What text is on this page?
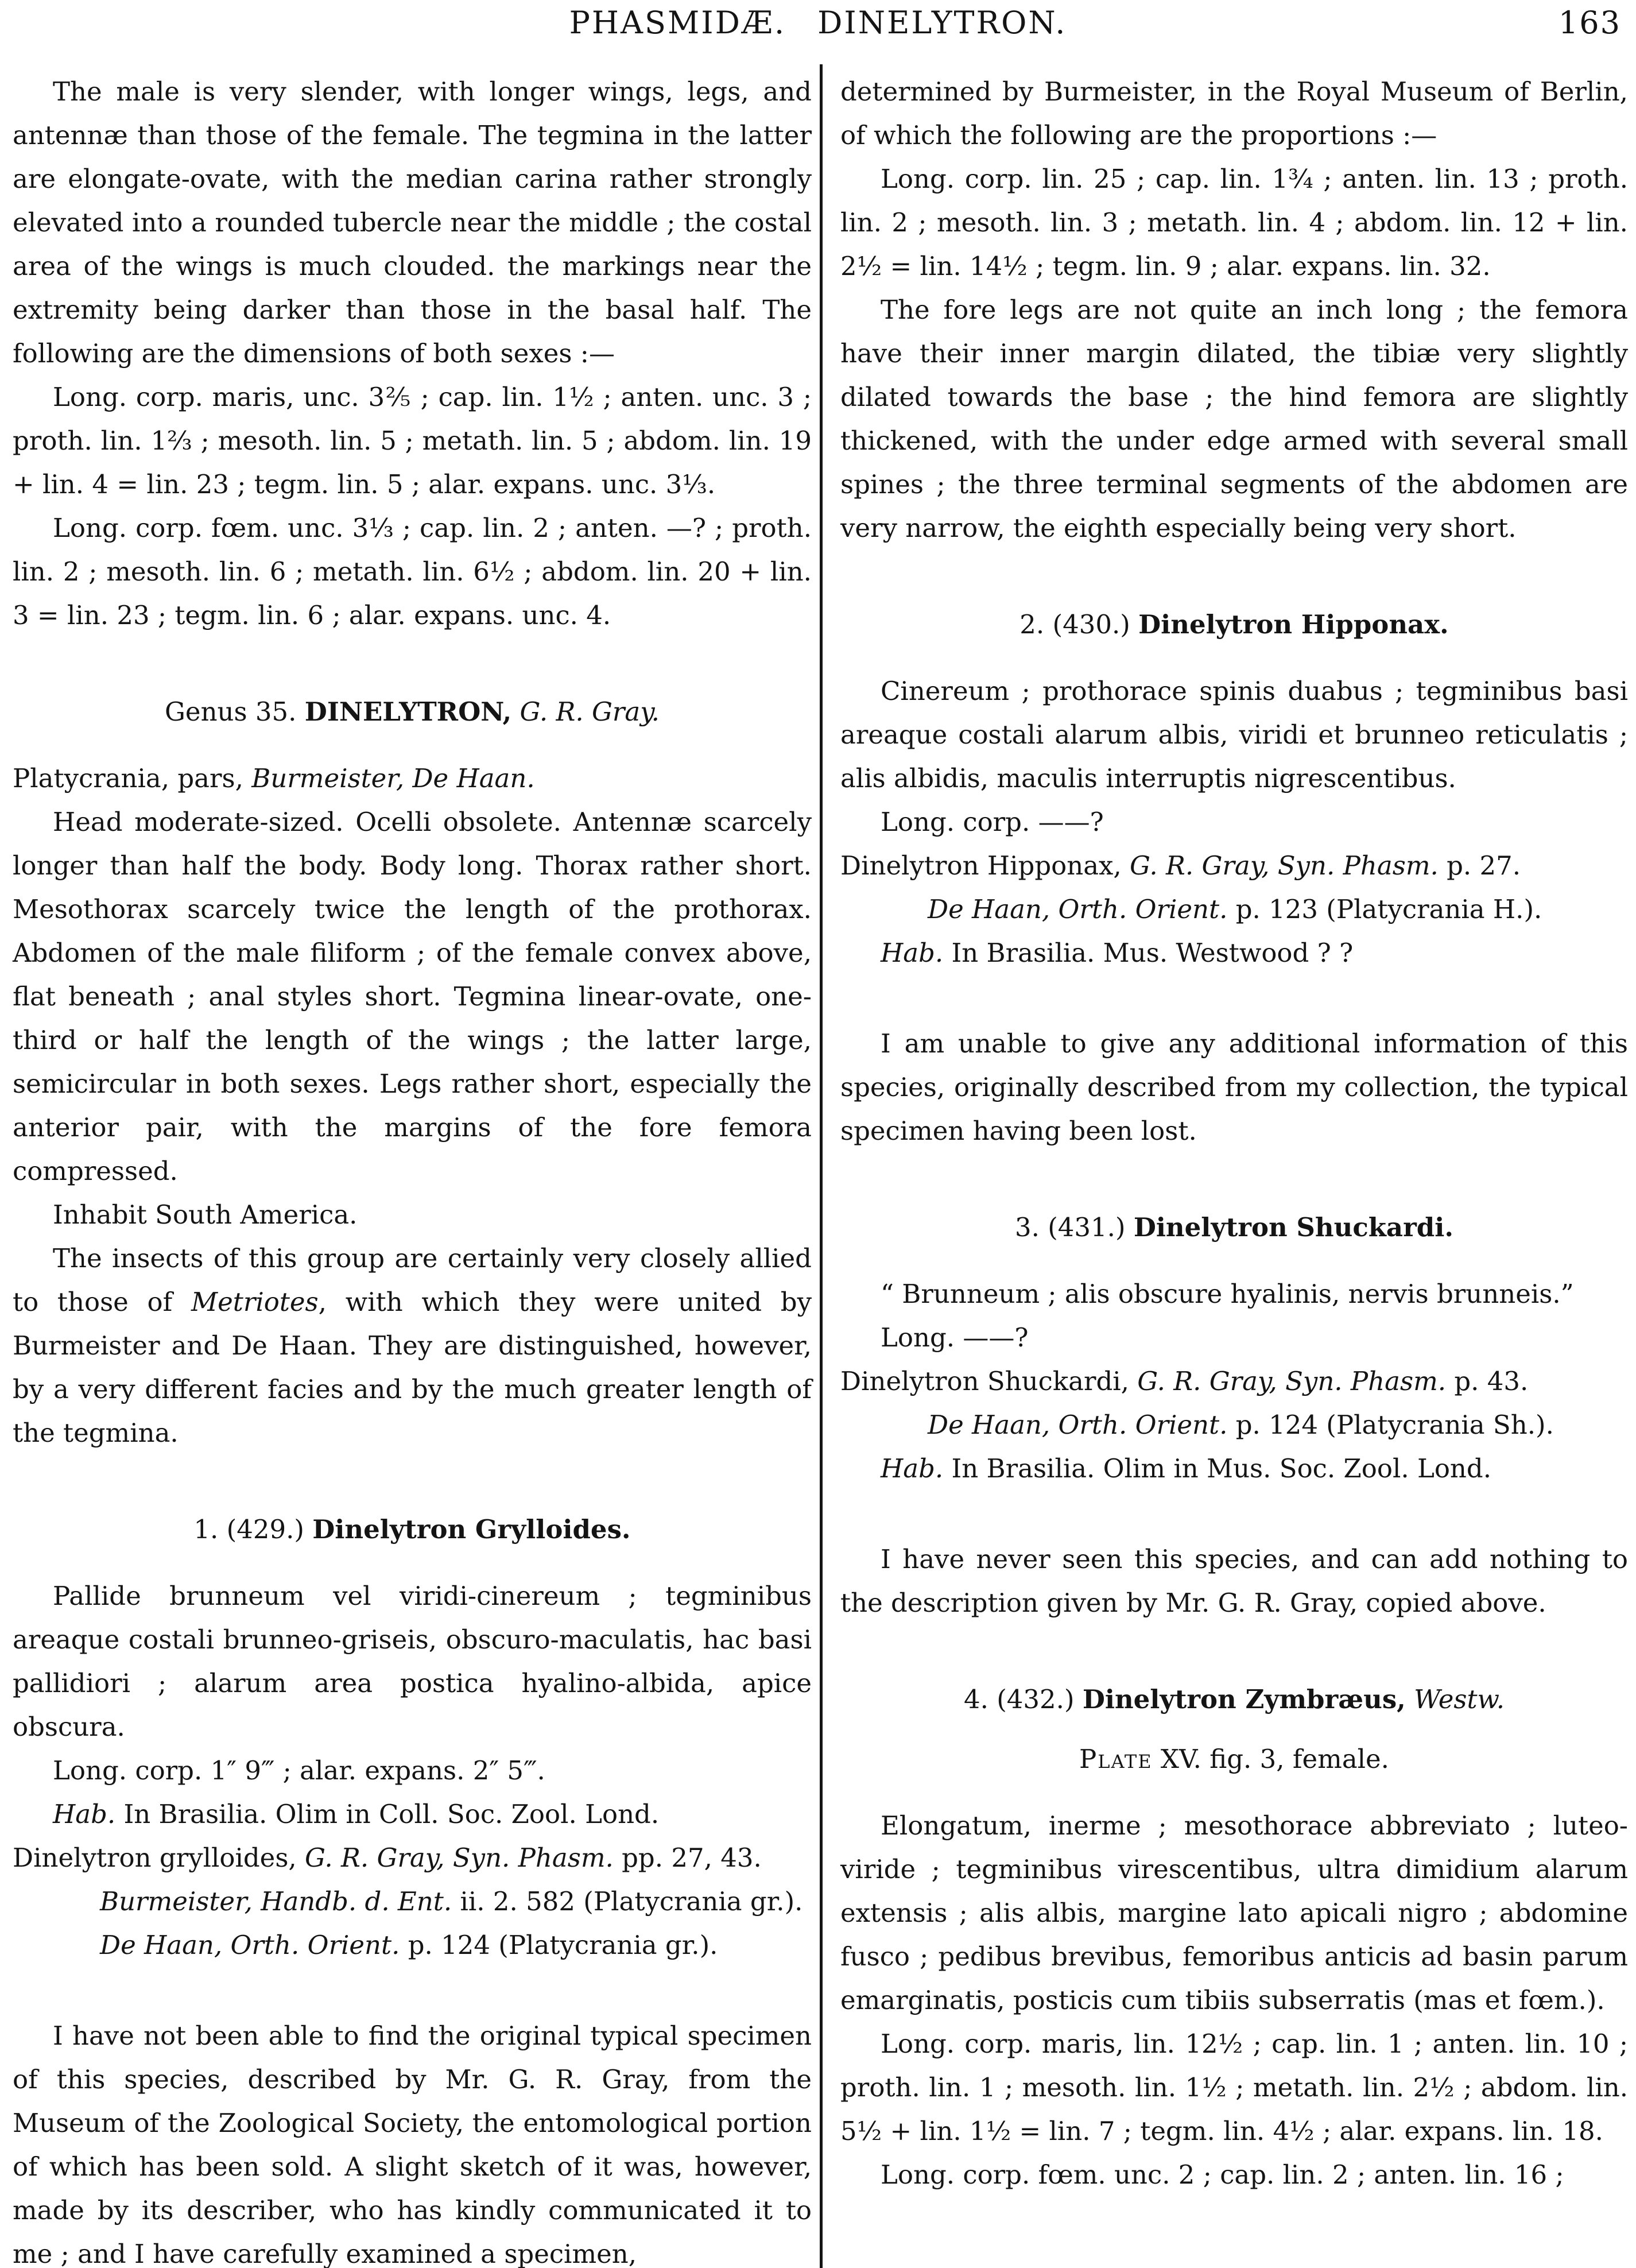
PHASMIDÆ. DINELYTRON.	163

The male is very slender, with longer wings, legs, and antennæ than those of the female. The tegmina in the latter are elongate-ovate, with the median carina rather strongly elevated into a rounded tubercle near the middle ; the costal area of the wings is much clouded. the markings near the extremity being darker than those in the basal half. The following are the dimensions of both sexes :—

Long. corp. maris, unc. 3⅖ ; cap. lin. 1½ ; anten. unc. 3 ; proth. lin. 1⅔ ; mesoth. lin. 5 ; metath. lin. 5 ; abdom. lin. 19 + lin. 4 = lin. 23 ; tegm. lin. 5 ; alar. expans. unc. 3⅓.

Long. corp. fœm. unc. 3⅓ ; cap. lin. 2 ; anten. —? ; proth. lin. 2 ; mesoth. lin. 6 ; metath. lin. 6½ ; abdom. lin. 20 + lin. 3 = lin. 23 ; tegm. lin. 6 ; alar. expans. unc. 4.

Genus 35. DINELYTRON, G. R. Gray.

Platycrania, pars, Burmeister, De Haan.

Head moderate-sized. Ocelli obsolete. Antennæ scarcely longer than half the body. Body long. Thorax rather short. Mesothorax scarcely twice the length of the prothorax. Abdomen of the male filiform ; of the female convex above, flat beneath ; anal styles short. Tegmina linear-ovate, one-third or half the length of the wings ; the latter large, semicircular in both sexes. Legs rather short, especially the anterior pair, with the margins of the fore femora compressed.

Inhabit South America.

The insects of this group are certainly very closely allied to those of Metriotes, with which they were united by Burmeister and De Haan. They are distinguished, however, by a very different facies and by the much greater length of the tegmina.

1. (429.) Dinelytron Grylloides.

Pallide brunneum vel viridi-cinereum ; tegminibus areaque costali brunneo-griseis, obscuro-maculatis, hac basi pallidiori ; alarum area postica hyalino-albida, apice obscura.

Long. corp. 1″ 9‴ ; alar. expans. 2″ 5‴.

Hab. In Brasilia. Olim in Coll. Soc. Zool. Lond.

Dinelytron grylloides, G. R. Gray, Syn. Phasm. pp. 27, 43.

Burmeister, Handb. d. Ent. ii. 2. 582 (Platycrania gr.).

De Haan, Orth. Orient. p. 124 (Platycrania gr.).

I have not been able to find the original typical specimen of this species, described by Mr. G. R. Gray, from the Museum of the Zoological Society, the entomological portion of which has been sold. A slight sketch of it was, however, made by its describer, who has kindly communicated it to me ; and I have carefully examined a specimen,

determined by Burmeister, in the Royal Museum of Berlin, of which the following are the proportions :—

Long. corp. lin. 25 ; cap. lin. 1¾ ; anten. lin. 13 ; proth. lin. 2 ; mesoth. lin. 3 ; metath. lin. 4 ; abdom. lin. 12 + lin. 2½ = lin. 14½ ; tegm. lin. 9 ; alar. expans. lin. 32.

The fore legs are not quite an inch long ; the femora have their inner margin dilated, the tibiæ very slightly dilated towards the base ; the hind femora are slightly thickened, with the under edge armed with several small spines ; the three terminal segments of the abdomen are very narrow, the eighth especially being very short.

2. (430.) Dinelytron Hipponax.

Cinereum ; prothorace spinis duabus ; tegminibus basi areaque costali alarum albis, viridi et brunneo reticulatis ; alis albidis, maculis interruptis nigrescentibus.

Long. corp. ——?

Dinelytron Hipponax, G. R. Gray, Syn. Phasm. p. 27.

De Haan, Orth. Orient. p. 123 (Platycrania H.).

Hab. In Brasilia. Mus. Westwood ? ?

I am unable to give any additional information of this species, originally described from my collection, the typical specimen having been lost.

3. (431.) Dinelytron Shuckardi.

“ Brunneum ; alis obscure hyalinis, nervis brunneis.”

Long. ——?

Dinelytron Shuckardi, G. R. Gray, Syn. Phasm. p. 43.

De Haan, Orth. Orient. p. 124 (Platycrania Sh.).

Hab. In Brasilia. Olim in Mus. Soc. Zool. Lond.

I have never seen this species, and can add nothing to the description given by Mr. G. R. Gray, copied above.

4. (432.) Dinelytron Zymbræus, Westw.

Plate XV. fig. 3, female.

Elongatum, inerme ; mesothorace abbreviato ; luteo-viride ; tegminibus virescentibus, ultra dimidium alarum extensis ; alis albis, margine lato apicali nigro ; abdomine fusco ; pedibus brevibus, femoribus anticis ad basin parum emarginatis, posticis cum tibiis subserratis (mas et fœm.).

Long. corp. maris, lin. 12½ ; cap. lin. 1 ; anten. lin. 10 ; proth. lin. 1 ; mesoth. lin. 1½ ; metath. lin. 2½ ; abdom. lin. 5½ + lin. 1½ = lin. 7 ; tegm. lin. 4½ ; alar. expans. lin. 18.

Long. corp. fœm. unc. 2 ; cap. lin. 2 ; anten. lin. 16 ;
